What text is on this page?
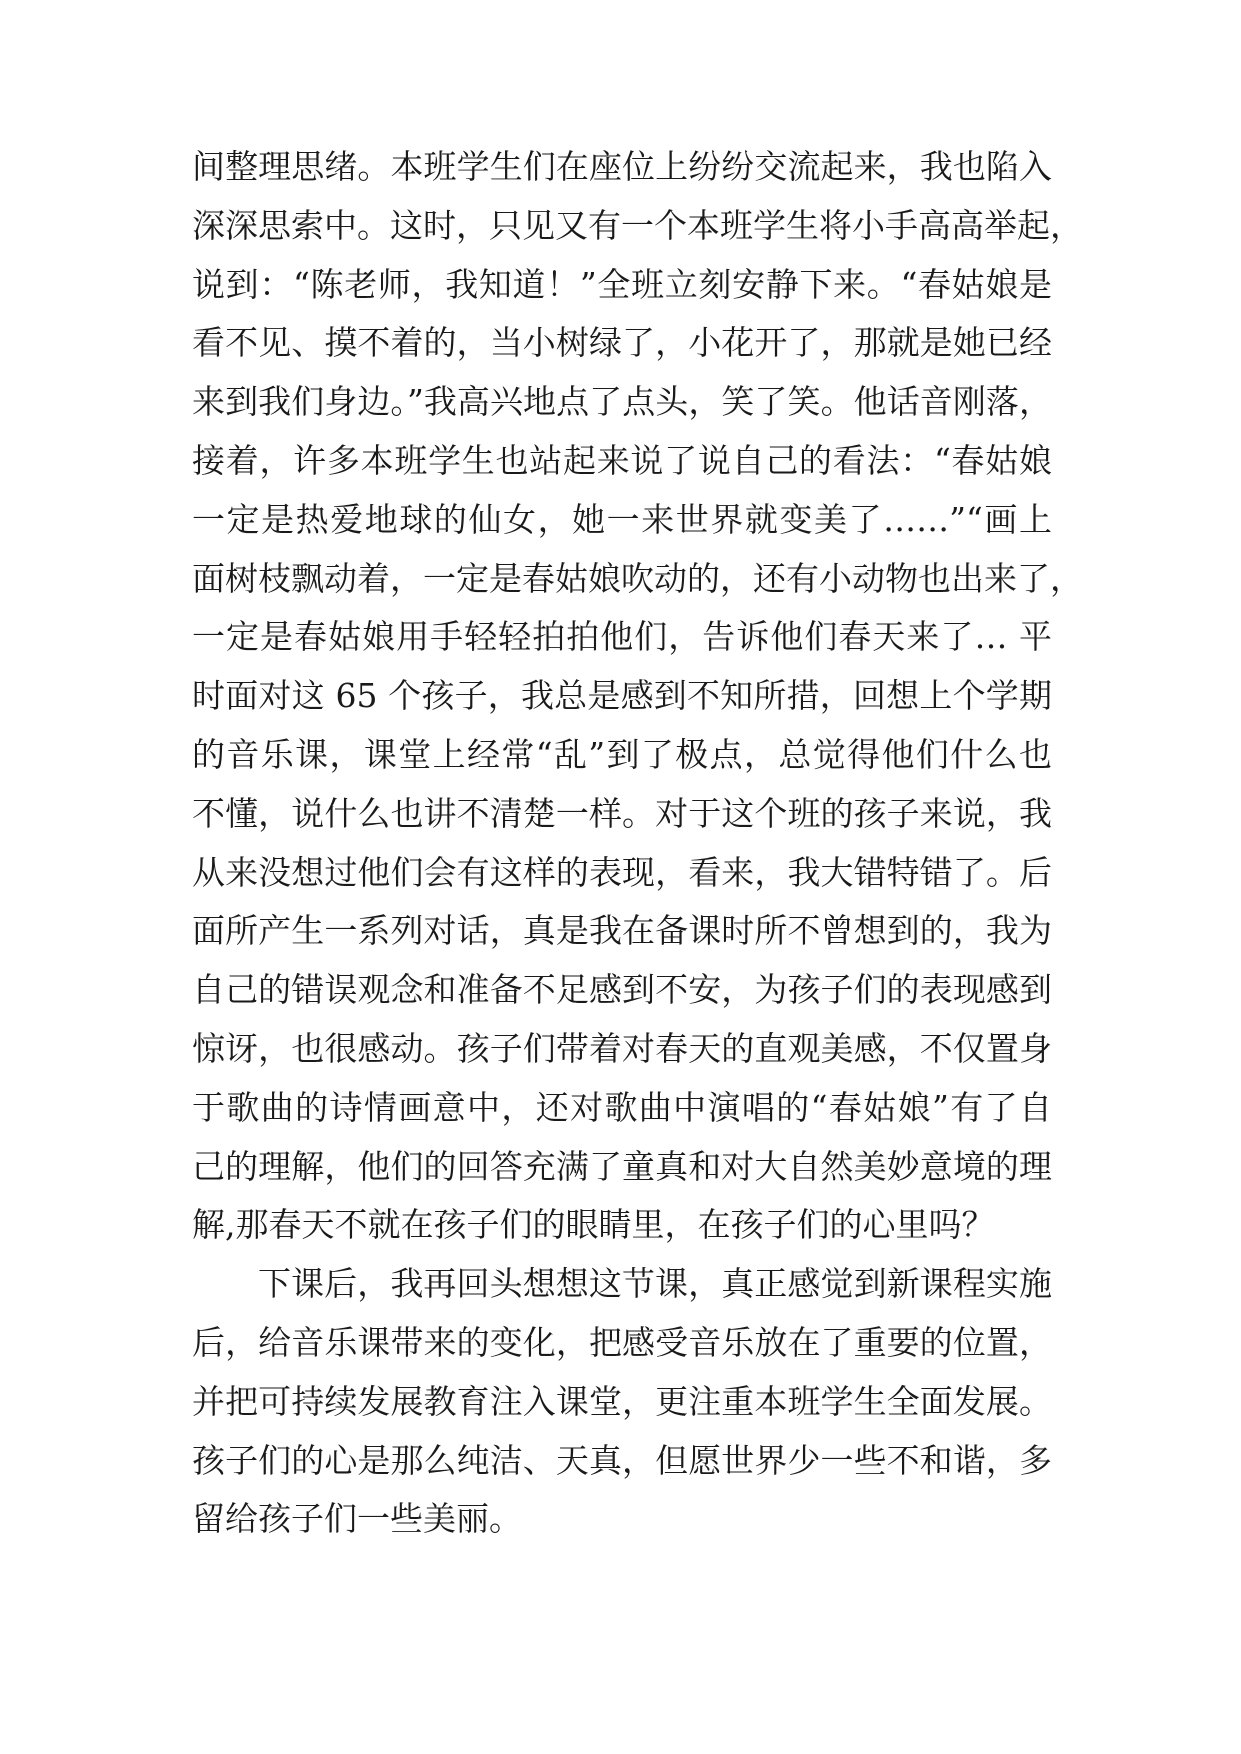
间整理思绪。本班学生们在座位上纷纷交流起来，我也陷入
深深思索中。这时，只见又有一个本班学生将小手高高举起，
说到：“陈老师，我知道！”全班立刻安静下来。“春姑娘是
看不见、摸不着的，当小树绿了，小花开了，那就是她已经
来到我们身边。”我高兴地点了点头，笑了笑。他话音刚落，
接着，许多本班学生也站起来说了说自己的看法：“春姑娘
一定是热爱地球的仙女，她一来世界就变美了……”“画上
面树枝飘动着，一定是春姑娘吹动的，还有小动物也出来了，
一定是春姑娘用手轻轻拍拍他们，告诉他们春天来了… 平
时面对这 65 个孩子，我总是感到不知所措，回想上个学期
的音乐课，课堂上经常“乱”到了极点，总觉得他们什么也
不懂，说什么也讲不清楚一样。对于这个班的孩子来说，我
从来没想过他们会有这样的表现，看来，我大错特错了。后
面所产生一系列对话，真是我在备课时所不曾想到的，我为
自己的错误观念和准备不足感到不安，为孩子们的表现感到
惊讶，也很感动。孩子们带着对春天的直观美感，不仅置身
于歌曲的诗情画意中，还对歌曲中演唱的“春姑娘”有了自
己的理解，他们的回答充满了童真和对大自然美妙意境的理
解,那春天不就在孩子们的眼睛里，在孩子们的心里吗？
下课后，我再回头想想这节课，真正感觉到新课程实施
后，给音乐课带来的变化，把感受音乐放在了重要的位置，
并把可持续发展教育注入课堂，更注重本班学生全面发展。
孩子们的心是那么纯洁、天真，但愿世界少一些不和谐，多
留给孩子们一些美丽。
